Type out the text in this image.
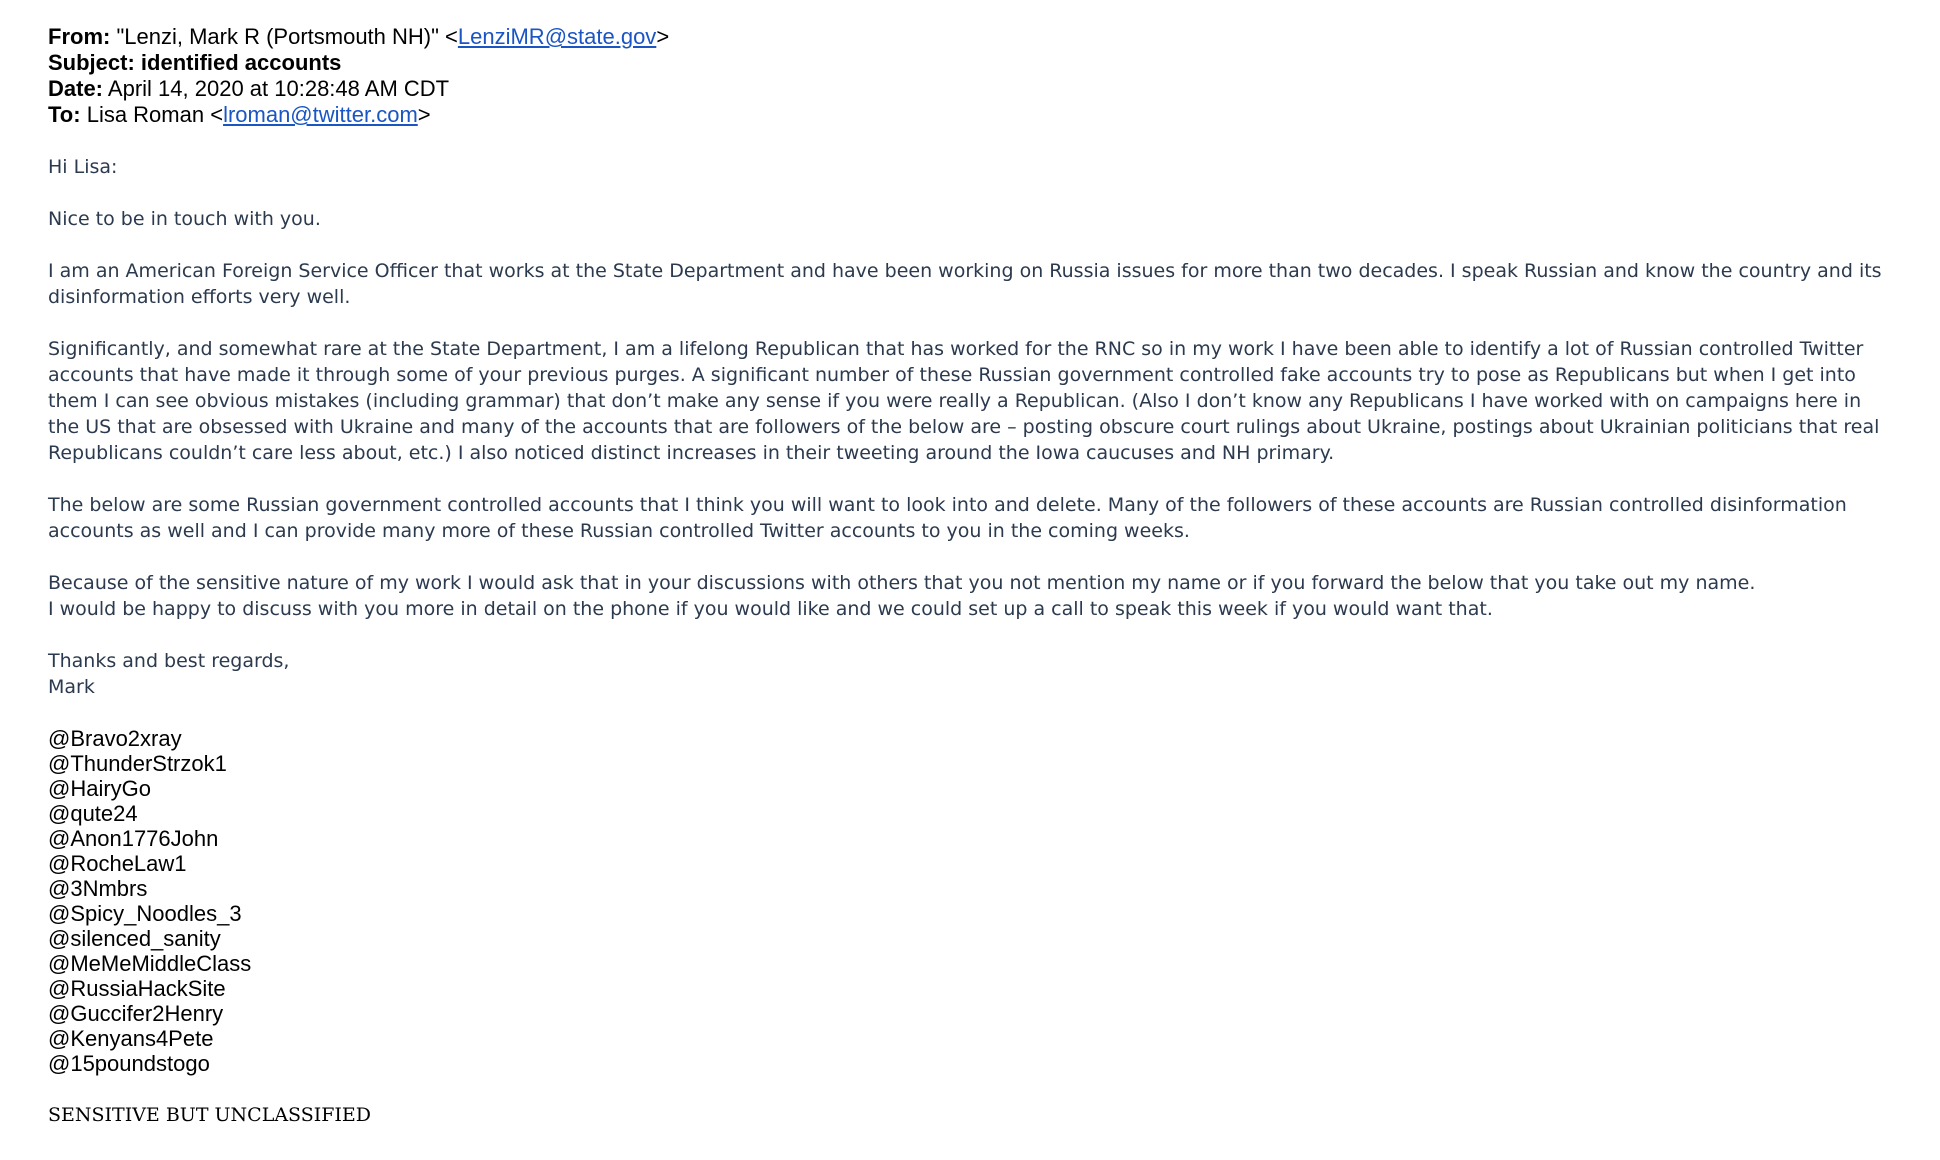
From: "Lenzi, Mark R (Portsmouth NH)" <LenziMR@state.gov>
Subject: identified accounts
Date: April 14, 2020 at 10:28:48 AM CDT
To: Lisa Roman <lroman@twitter.com>

Hi Lisa:

Nice to be in touch with you.

I am an American Foreign Service Officer that works at the State Department and have been working on Russia issues for more than two decades. I speak Russian and know the country and its disinformation efforts very well.

Significantly, and somewhat rare at the State Department, I am a lifelong Republican that has worked for the RNC so in my work I have been able to identify a lot of Russian controlled Twitter accounts that have made it through some of your previous purges. A significant number of these Russian government controlled fake accounts try to pose as Republicans but when I get into them I can see obvious mistakes (including grammar) that don’t make any sense if you were really a Republican. (Also I don’t know any Republicans I have worked with on campaigns here in the US that are obsessed with Ukraine and many of the accounts that are followers of the below are – posting obscure court rulings about Ukraine, postings about Ukrainian politicians that real Republicans couldn’t care less about, etc.) I also noticed distinct increases in their tweeting around the Iowa caucuses and NH primary.

The below are some Russian government controlled accounts that I think you will want to look into and delete. Many of the followers of these accounts are Russian controlled disinformation accounts as well and I can provide many more of these Russian controlled Twitter accounts to you in the coming weeks.

Because of the sensitive nature of my work I would ask that in your discussions with others that you not mention my name or if you forward the below that you take out my name.

I would be happy to discuss with you more in detail on the phone if you would like and we could set up a call to speak this week if you would want that.

Thanks and best regards,

Mark

@Bravo2xray
@ThunderStrzok1
@HairyGo
@qute24
@Anon1776John
@RocheLaw1
@3Nmbrs
@Spicy_Noodles_3
@silenced_sanity
@MeMeMiddleClass
@RussiaHackSite
@Guccifer2Henry
@Kenyans4Pete
@15poundstogo
SENSITIVE BUT UNCLASSIFIED
